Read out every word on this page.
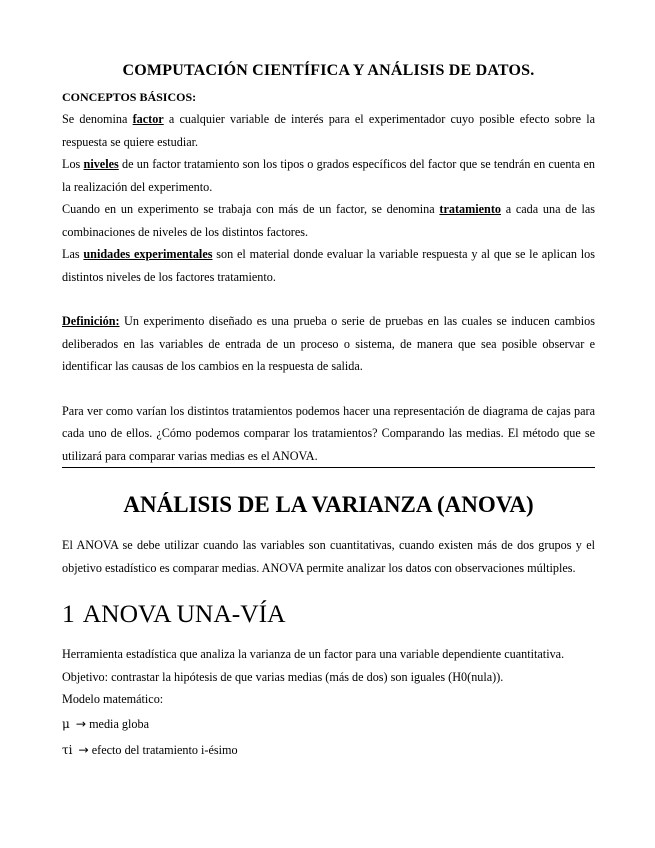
COMPUTACIÓN CIENTÍFICA Y ANÁLISIS DE DATOS.
CONCEPTOS BÁSICOS:

Se denomina factor a cualquier variable de interés para el experimentador cuyo posible efecto sobre la respuesta se quiere estudiar.

Los niveles de un factor tratamiento son los tipos o grados específicos del factor que se tendrán en cuenta en la realización del experimento.

Cuando en un experimento se trabaja con más de un factor, se denomina tratamiento a cada una de las combinaciones de niveles de los distintos factores.

Las unidades experimentales son el material donde evaluar la variable respuesta y al que se le aplican los distintos niveles de los factores tratamiento.

Definición: Un experimento diseñado es una prueba o serie de pruebas en las cuales se inducen cambios deliberados en las variables de entrada de un proceso o sistema, de manera que sea posible observar e identificar las causas de los cambios en la respuesta de salida.

Para ver como varían los distintos tratamientos podemos hacer una representación de diagrama de cajas para cada uno de ellos. ¿Cómo podemos comparar los tratamientos? Comparando las medias. El método que se utilizará para comparar varias medias es el ANOVA.

ANÁLISIS DE LA VARIANZA (ANOVA)

El ANOVA se debe utilizar cuando las variables son cuantitativas, cuando existen más de dos grupos y el objetivo estadístico es comparar medias. ANOVA permite analizar los datos con observaciones múltiples.

1 ANOVA UNA-VÍA

Herramienta estadística que analiza la varianza de un factor para una variable dependiente cuantitativa.

Objetivo: contrastar la hipótesis de que varias medias (más de dos) son iguales (H0(nula)).

Modelo matemático:

μ → media globa

τi → efecto del tratamiento i-ésimo
